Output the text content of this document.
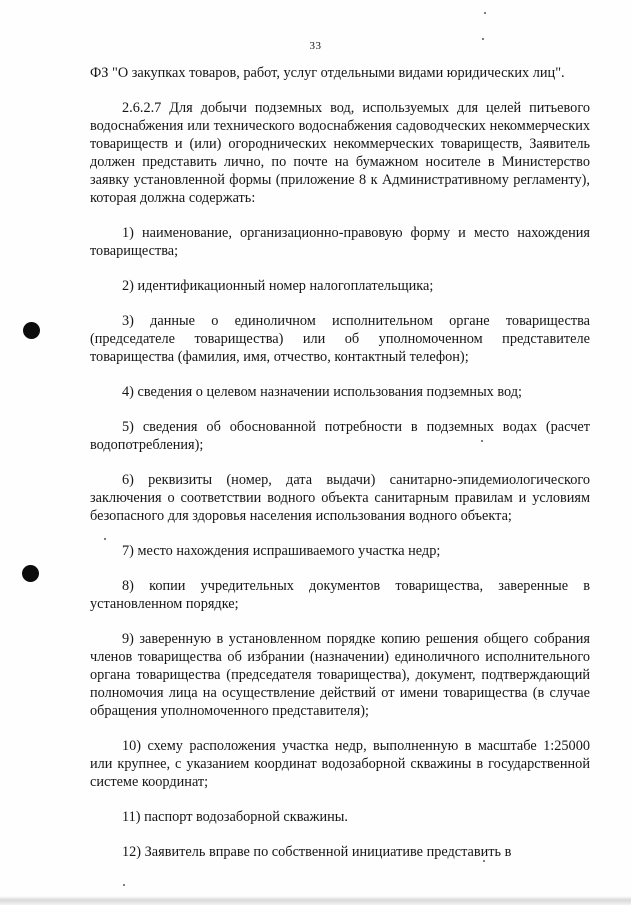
33

ФЗ "О закупках товаров, работ, услуг отдельными видами юридических лиц".

2.6.2.7 Для добычи подземных вод, используемых для целей питьевого водоснабжения или технического водоснабжения садоводческих некоммерческих товариществ и (или) огороднических некоммерческих товариществ, Заявитель должен представить лично, по почте на бумажном носителе в Министерство заявку установленной формы (приложение 8 к Административному регламенту), которая должна содержать:

1) наименование, организационно-правовую форму и место нахождения товарищества;

2) идентификационный номер налогоплательщика;

3) данные о единоличном исполнительном органе товарищества (председателе товарищества) или об уполномоченном представителе товарищества (фамилия, имя, отчество, контактный телефон);

4) сведения о целевом назначении использования подземных вод;

5) сведения об обоснованной потребности в подземных водах (расчет водопотребления);

6) реквизиты (номер, дата выдачи) санитарно-эпидемиологического заключения о соответствии водного объекта санитарным правилам и условиям безопасного для здоровья населения использования водного объекта;

7) место нахождения испрашиваемого участка недр;

8) копии учредительных документов товарищества, заверенные в установленном порядке;

9) заверенную в установленном порядке копию решения общего собрания членов товарищества об избрании (назначении) единоличного исполнительного органа товарищества (председателя товарищества), документ, подтверждающий полномочия лица на осуществление действий от имени товарищества (в случае обращения уполномоченного представителя);

10) схему расположения участка недр, выполненную в масштабе 1:25000 или крупнее, с указанием координат водозаборной скважины в государственной системе координат;

11) паспорт водозаборной скважины.

12) Заявитель вправе по собственной инициативе представить в
